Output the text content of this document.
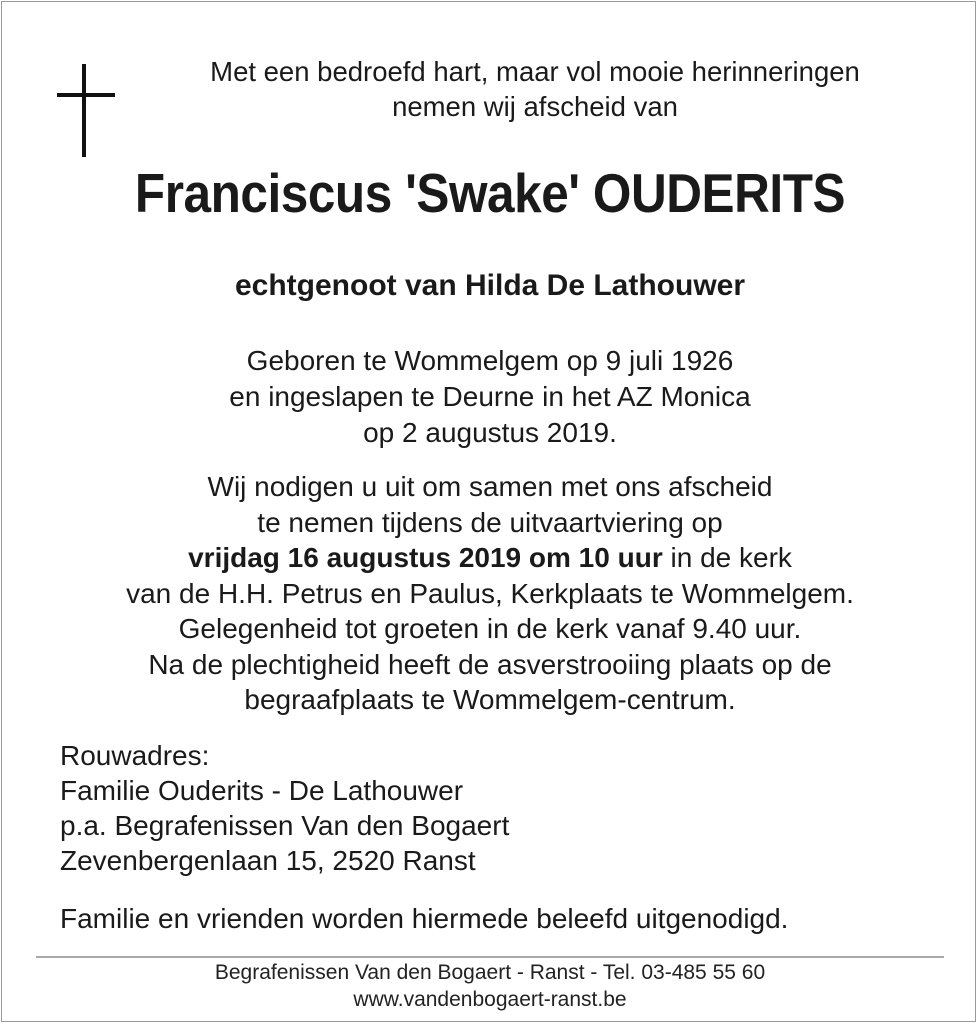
Met een bedroefd hart, maar vol mooie herinneringen
nemen wij afscheid van
Franciscus 'Swake' OUDERITS
echtgenoot van Hilda De Lathouwer
Geboren te Wommelgem op 9 juli 1926
en ingeslapen te Deurne in het AZ Monica
op 2 augustus 2019.
Wij nodigen u uit om samen met ons afscheid
te nemen tijdens de uitvaartviering op
vrijdag 16 augustus 2019 om 10 uur in de kerk
van de H.H. Petrus en Paulus, Kerkplaats te Wommelgem.
Gelegenheid tot groeten in de kerk vanaf 9.40 uur.
Na de plechtigheid heeft de asverstrooiing plaats op de
begraafplaats te Wommelgem-centrum.
Rouwadres:
Familie Ouderits - De Lathouwer
p.a. Begrafenissen Van den Bogaert
Zevenbergenlaan 15, 2520 Ranst
Familie en vrienden worden hiermede beleefd uitgenodigd.
Begrafenissen Van den Bogaert - Ranst - Tel. 03-485 55 60
www.vandenbogaert-ranst.be
